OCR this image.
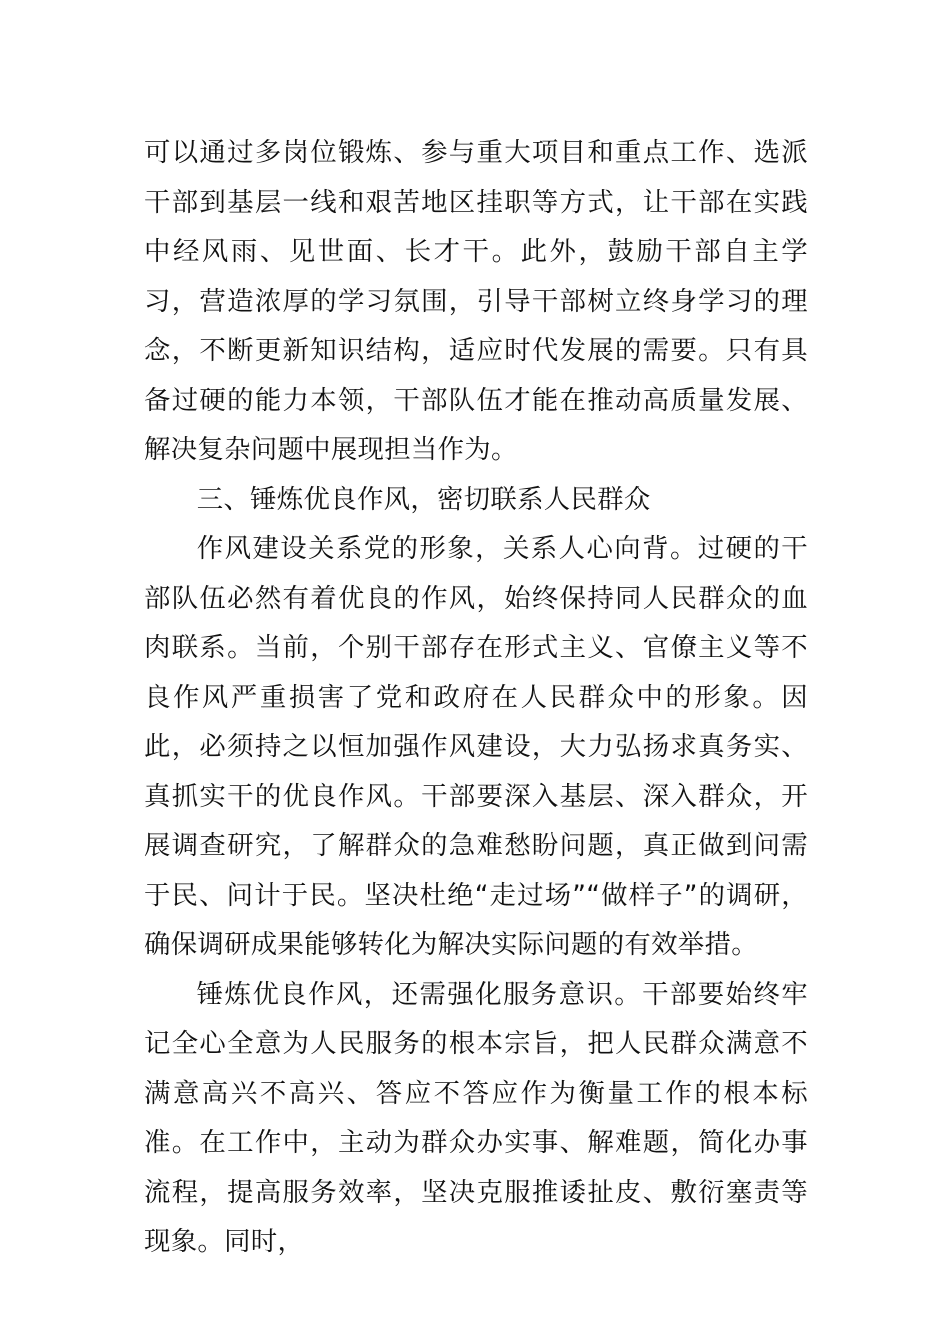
可以通过多岗位锻炼、参与重大项目和重点工作、选派干部到基层一线和艰苦地区挂职等方式，让干部在实践中经风雨、见世面、长才干。此外，鼓励干部自主学习，营造浓厚的学习氛围，引导干部树立终身学习的理念，不断更新知识结构，适应时代发展的需要。只有具备过硬的能力本领，干部队伍才能在推动高质量发展、解决复杂问题中展现担当作为。

三、锤炼优良作风，密切联系人民群众

作风建设关系党的形象，关系人心向背。过硬的干部队伍必然有着优良的作风，始终保持同人民群众的血肉联系。当前，个别干部存在形式主义、官僚主义等不良作风严重损害了党和政府在人民群众中的形象。因此，必须持之以恒加强作风建设，大力弘扬求真务实、真抓实干的优良作风。干部要深入基层、深入群众，开展调查研究，了解群众的急难愁盼问题，真正做到问需于民、问计于民。坚决杜绝“走过场”“做样子”的调研，确保调研成果能够转化为解决实际问题的有效举措。

锤炼优良作风，还需强化服务意识。干部要始终牢记全心全意为人民服务的根本宗旨，把人民群众满意不满意高兴不高兴、答应不答应作为衡量工作的根本标准。在工作中，主动为群众办实事、解难题，简化办事流程，提高服务效率，坚决克服推诿扯皮、敷衍塞责等现象。同时，
